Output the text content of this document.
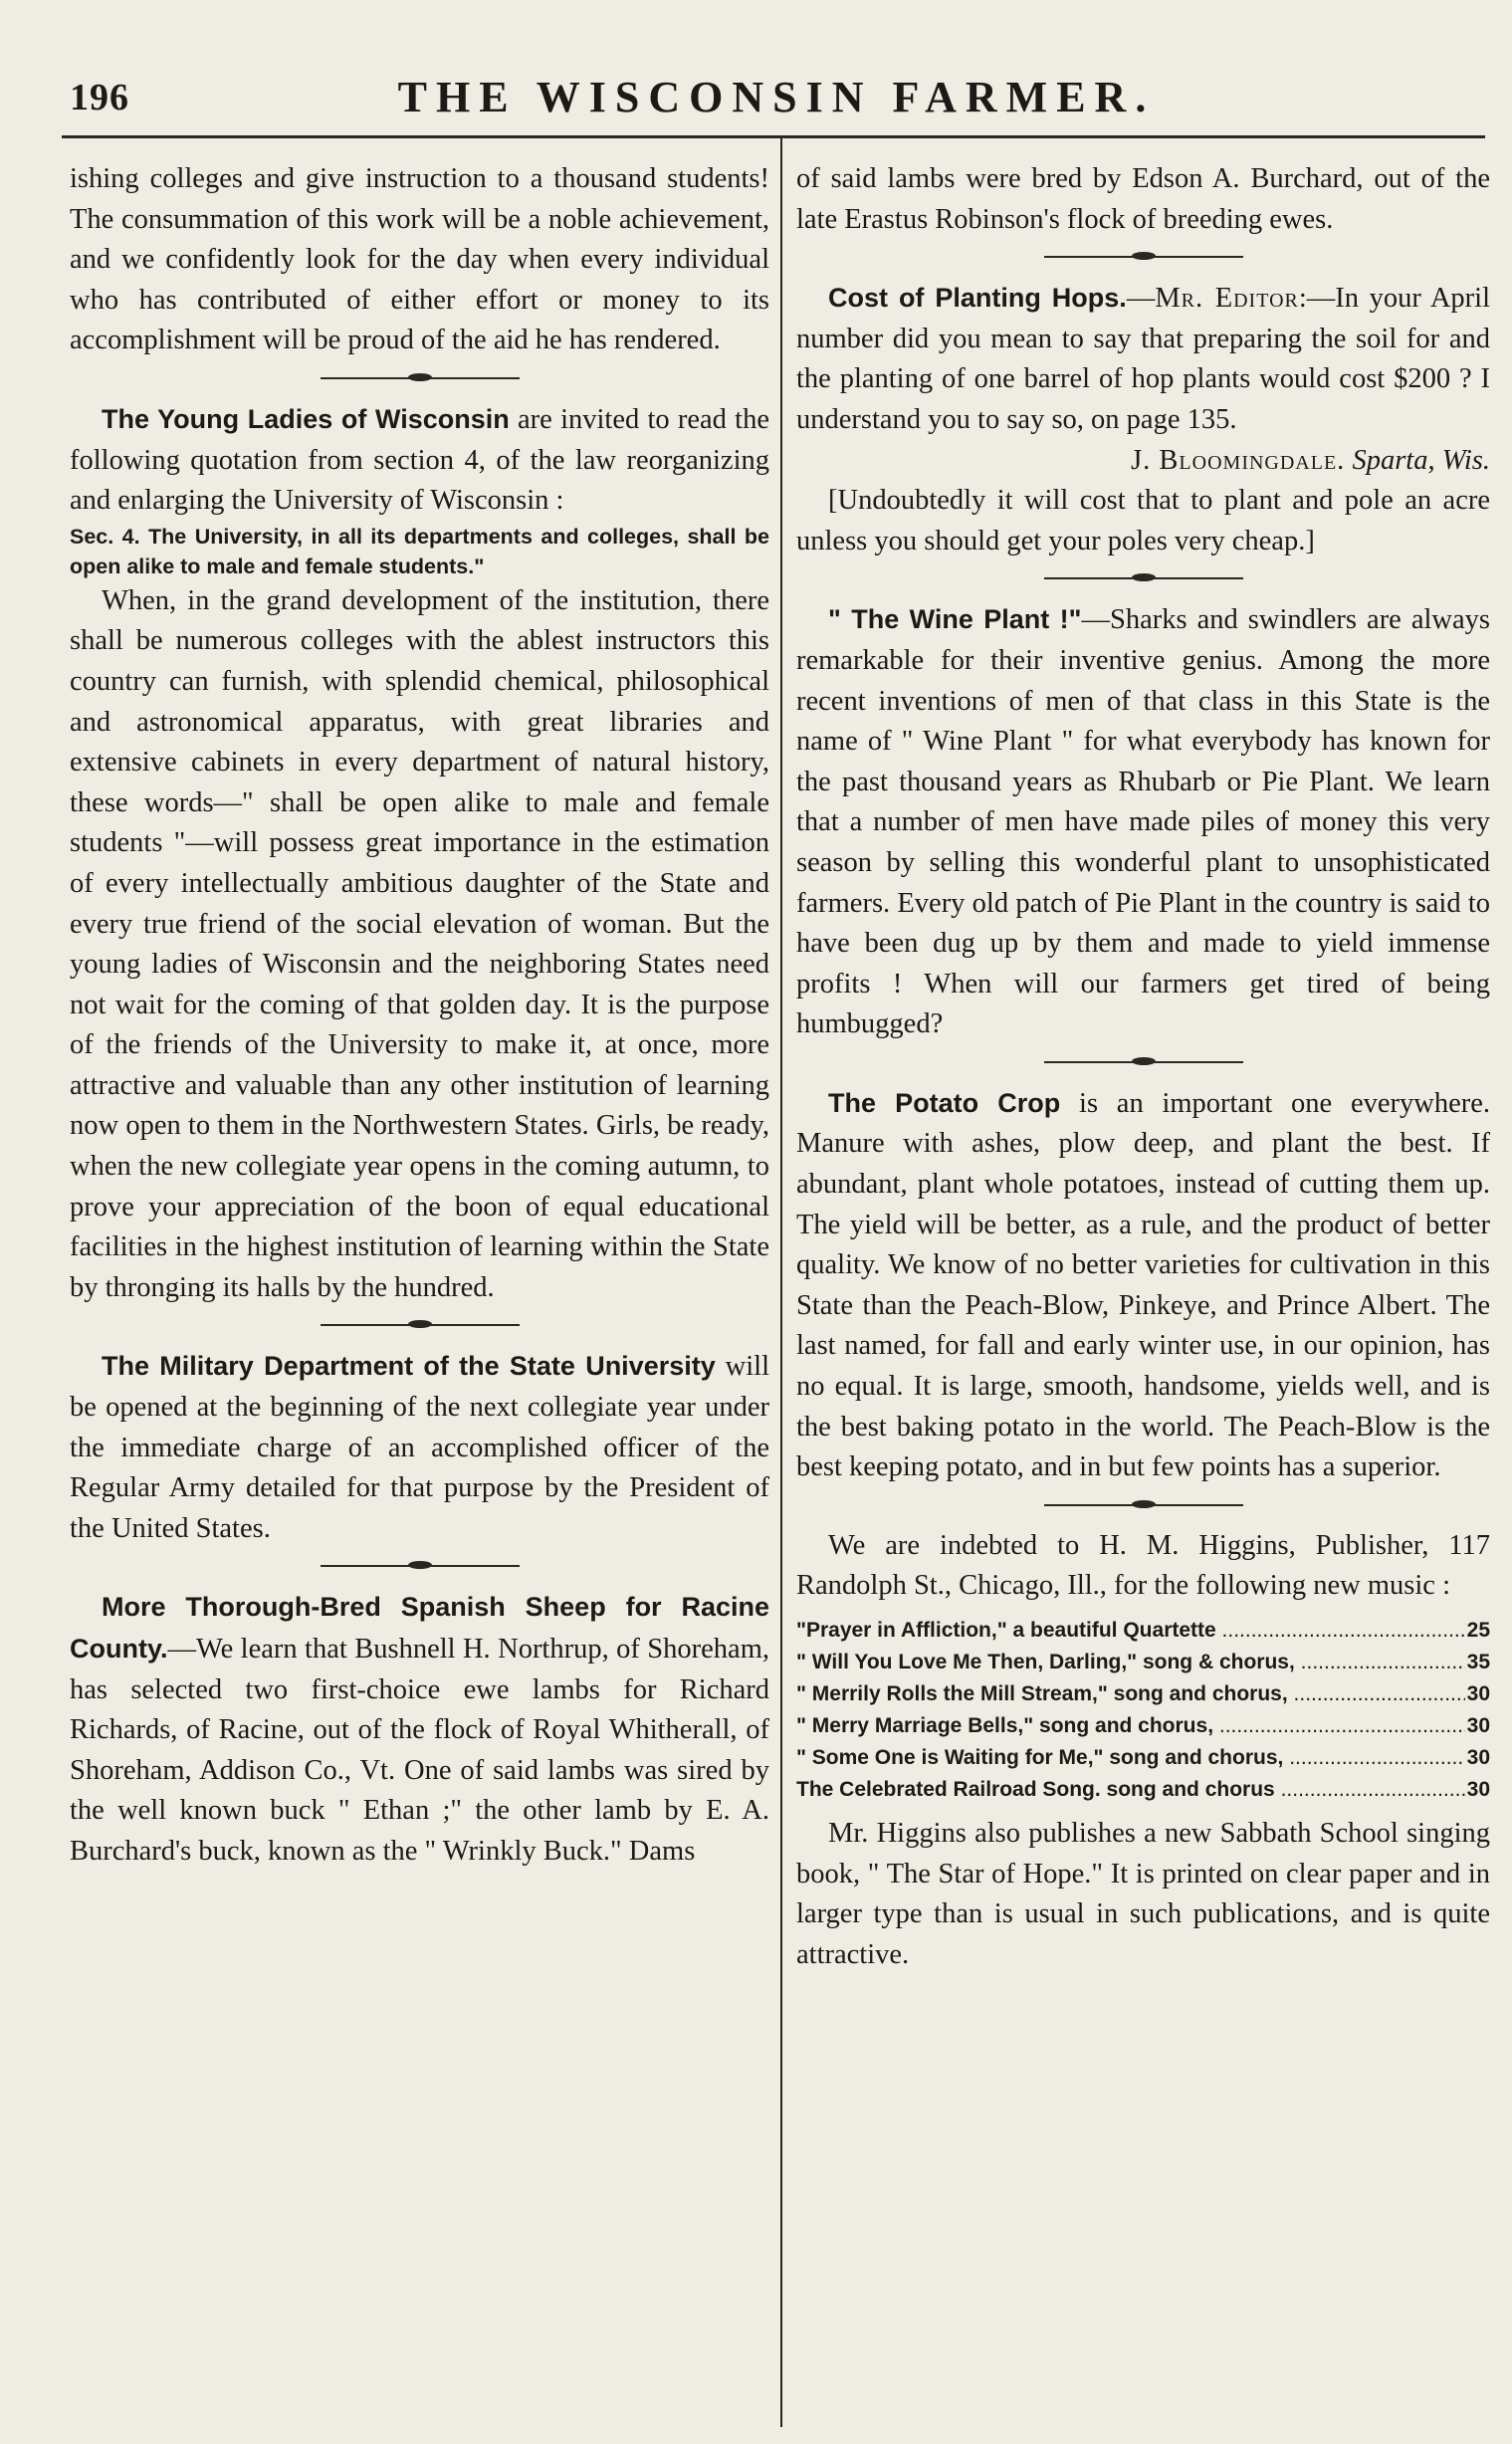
196	THE WISCONSIN FARMER.

ishing colleges and give instruction to a thousand students! The consummation of this work will be a noble achievement, and we confidently look for the day when every individual who has contributed of either effort or money to its accomplishment will be proud of the aid he has rendered.

The Young Ladies of Wisconsin are invited to read the following quotation from section 4, of the law reorganizing and enlarging the University of Wisconsin :

Sec. 4. The University, in all its departments and colleges, shall be open alike to male and female students."

When, in the grand development of the institution, there shall be numerous colleges with the ablest instructors this country can furnish, with splendid chemical, philosophical and astronomical apparatus, with great libraries and extensive cabinets in every department of natural history, these words—" shall be open alike to male and female students "—will possess great importance in the estimation of every intellectually ambitious daughter of the State and every true friend of the social elevation of woman. But the young ladies of Wisconsin and the neighboring States need not wait for the coming of that golden day. It is the purpose of the friends of the University to make it, at once, more attractive and valuable than any other institution of learning now open to them in the Northwestern States. Girls, be ready, when the new collegiate year opens in the coming autumn, to prove your appreciation of the boon of equal educational facilities in the highest institution of learning within the State by thronging its halls by the hundred.

The Military Department of the State University will be opened at the beginning of the next collegiate year under the immediate charge of an accomplished officer of the Regular Army detailed for that purpose by the President of the United States.

More Thorough-Bred Spanish Sheep for Racine County.—We learn that Bushnell H. Northrup, of Shoreham, has selected two first-choice ewe lambs for Richard Richards, of Racine, out of the flock of Royal Whitherall, of Shoreham, Addison Co., Vt. One of said lambs was sired by the well known buck " Ethan ;" the other lamb by E. A. Burchard's buck, known as the " Wrinkly Buck." Dams

of said lambs were bred by Edson A. Burchard, out of the late Erastus Robinson's flock of breeding ewes.

Cost of Planting Hops.—Mr. Editor:—In your April number did you mean to say that preparing the soil for and the planting of one barrel of hop plants would cost $200 ? I understand you to say so, on page 135.

J. Bloomingdale. Sparta, Wis.

[Undoubtedly it will cost that to plant and pole an acre unless you should get your poles very cheap.]

" The Wine Plant !"—Sharks and swindlers are always remarkable for their inventive genius. Among the more recent inventions of men of that class in this State is the name of " Wine Plant " for what everybody has known for the past thousand years as Rhubarb or Pie Plant. We learn that a number of men have made piles of money this very season by selling this wonderful plant to unsophisticated farmers. Every old patch of Pie Plant in the country is said to have been dug up by them and made to yield immense profits ! When will our farmers get tired of being humbugged?

The Potato Crop is an important one everywhere. Manure with ashes, plow deep, and plant the best. If abundant, plant whole potatoes, instead of cutting them up. The yield will be better, as a rule, and the product of better quality. We know of no better varieties for cultivation in this State than the Peach-Blow, Pinkeye, and Prince Albert. The last named, for fall and early winter use, in our opinion, has no equal. It is large, smooth, handsome, yields well, and is the best baking potato in the world. The Peach-Blow is the best keeping potato, and in but few points has a superior.

We are indebted to H. M. Higgins, Publisher, 117 Randolph St., Chicago, Ill., for the following new music :

"Prayer in Affliction," a beautiful Quartette .....	25
" Will You Love Me Then, Darling," song & chorus, .....	35
" Merrily Rolls the Mill Stream," song and chorus, .....	30
" Merry Marriage Bells," song and chorus, .....	30
" Some One is Waiting for Me," song and chorus, .....	30
The Celebrated Railroad Song. song and chorus .....	30

Mr. Higgins also publishes a new Sabbath School singing book, " The Star of Hope." It is printed on clear paper and in larger type than is usual in such publications, and is quite attractive.
